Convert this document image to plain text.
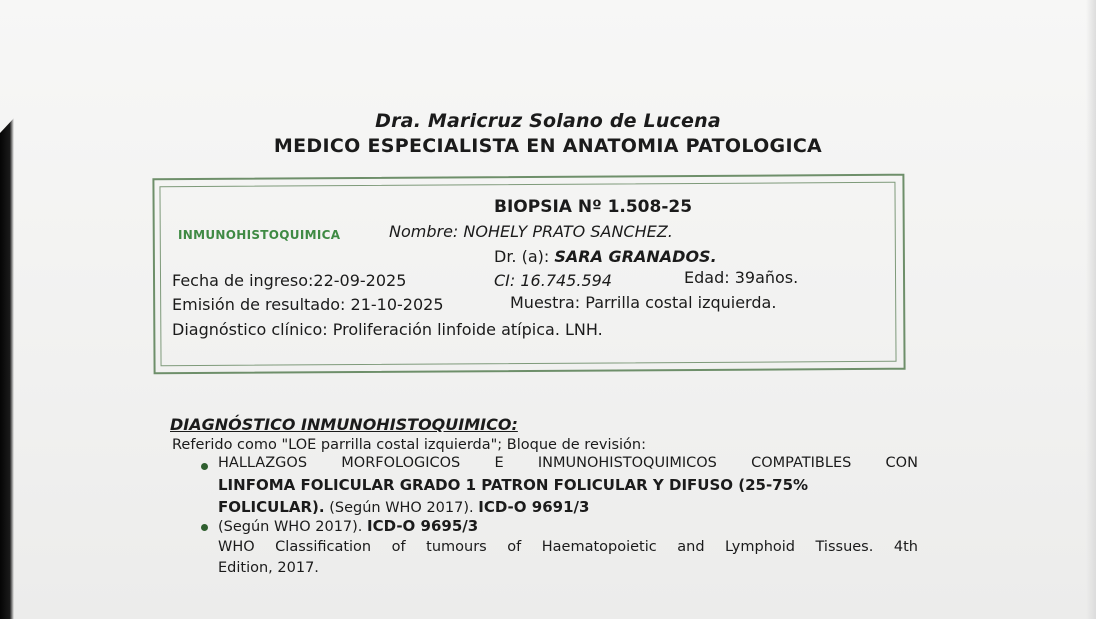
Dra. Maricruz Solano de Lucena
MEDICO ESPECIALISTA EN ANATOMIA PATOLOGICA
BIOPSIA Nº 1.508-25
INMUNOHISTOQUIMICA	Nombre: NOHELY PRATO SANCHEZ.
Dr. (a): SARA GRANADOS.
Fecha de ingreso:22-09-2025	CI: 16.745.594	Edad: 39años.
Emisión de resultado: 21-10-2025	Muestra: Parrilla costal izquierda.
Diagnóstico clínico: Proliferación linfoide atípica. LNH.
DIAGNÓSTICO INMUNOHISTOQUIMICO:
Referido como "LOE parrilla costal izquierda"; Bloque de revisión:
HALLAZGOS MORFOLOGICOS E INMUNOHISTOQUIMICOS COMPATIBLES CON
LINFOMA FOLICULAR GRADO 1 PATRON FOLICULAR Y DIFUSO (25-75%
FOLICULAR). (Según WHO 2017). ICD-O 9691/3
(Según WHO 2017). ICD-O 9695/3
WHO Classification of tumours of Haematopoietic and Lymphoid Tissues. 4th
Edition, 2017.
